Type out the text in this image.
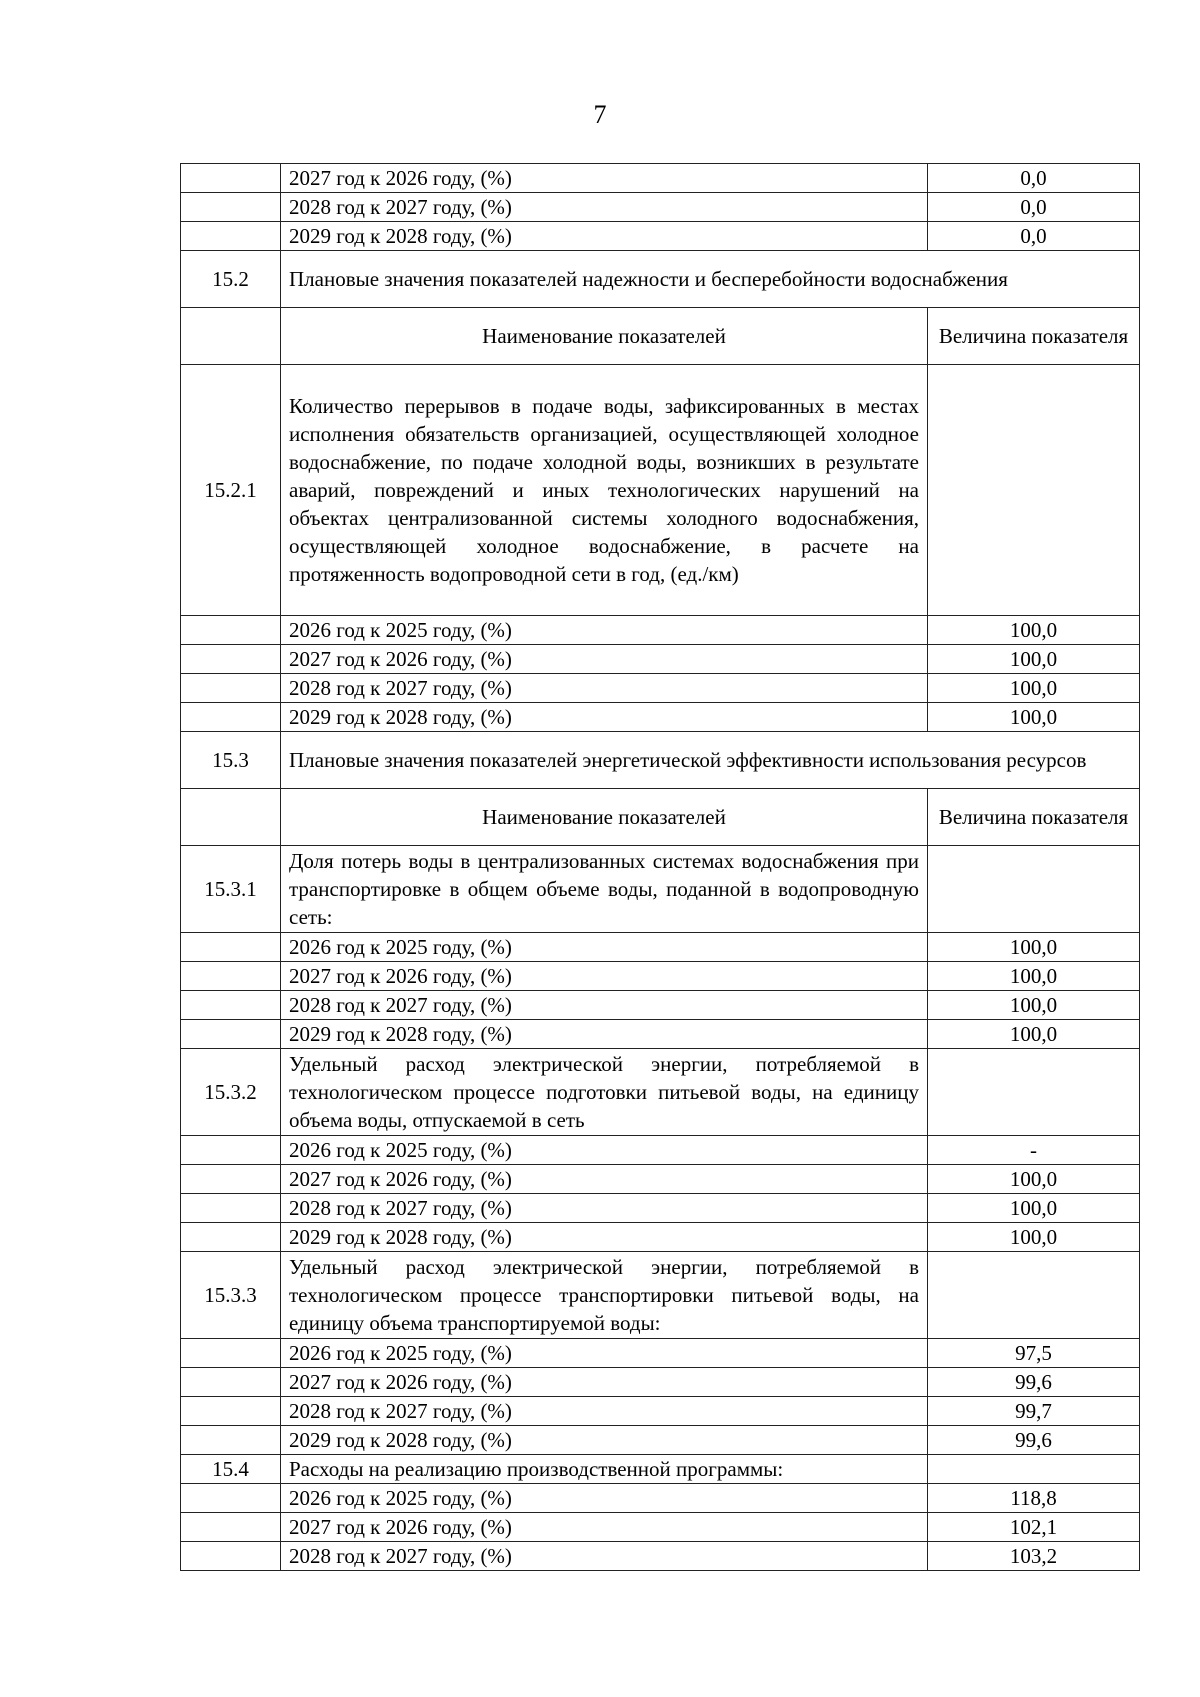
7
	2027 год к 2026 году, (%)	0,0
	2028 год к 2027 году, (%)	0,0
	2029 год к 2028 году, (%)	0,0
15.2	Плановые значения показателей надежности и бесперебойности водоснабжения	
	Наименование показателей	Величина показателя
15.2.1	Количество перерывов в подаче воды, зафиксированных в местах исполнения обязательств организацией, осуществляющей холодное водоснабжение, по подаче холодной воды, возникших в результате аварий, повреждений и иных технологических нарушений на объектах централизованной системы холодного водоснабжения, осуществляющей холодное водоснабжение, в расчете на протяженность водопроводной сети в год, (ед./км)	
	2026 год к 2025 году, (%)	100,0
	2027 год к 2026 году, (%)	100,0
	2028 год к 2027 году, (%)	100,0
	2029 год к 2028 году, (%)	100,0
15.3	Плановые значения показателей энергетической эффективности использования ресурсов	
	Наименование показателей	Величина показателя
15.3.1	Доля потерь воды в централизованных системах водоснабжения при транспортировке в общем объеме воды, поданной в водопроводную сеть:	
	2026 год к 2025 году, (%)	100,0
	2027 год к 2026 году, (%)	100,0
	2028 год к 2027 году, (%)	100,0
	2029 год к 2028 году, (%)	100,0
15.3.2	Удельный расход электрической энергии, потребляемой в технологическом процессе подготовки питьевой воды, на единицу объема воды, отпускаемой в сеть	
	2026 год к 2025 году, (%)	-
	2027 год к 2026 году, (%)	100,0
	2028 год к 2027 году, (%)	100,0
	2029 год к 2028 году, (%)	100,0
15.3.3	Удельный расход электрической энергии, потребляемой в технологическом процессе транспортировки питьевой воды, на единицу объема транспортируемой воды:	
	2026 год к 2025 году, (%)	97,5
	2027 год к 2026 году, (%)	99,6
	2028 год к 2027 году, (%)	99,7
	2029 год к 2028 году, (%)	99,6
15.4	Расходы на реализацию производственной программы:	
	2026 год к 2025 году, (%)	118,8
	2027 год к 2026 году, (%)	102,1
	2028 год к 2027 году, (%)	103,2
